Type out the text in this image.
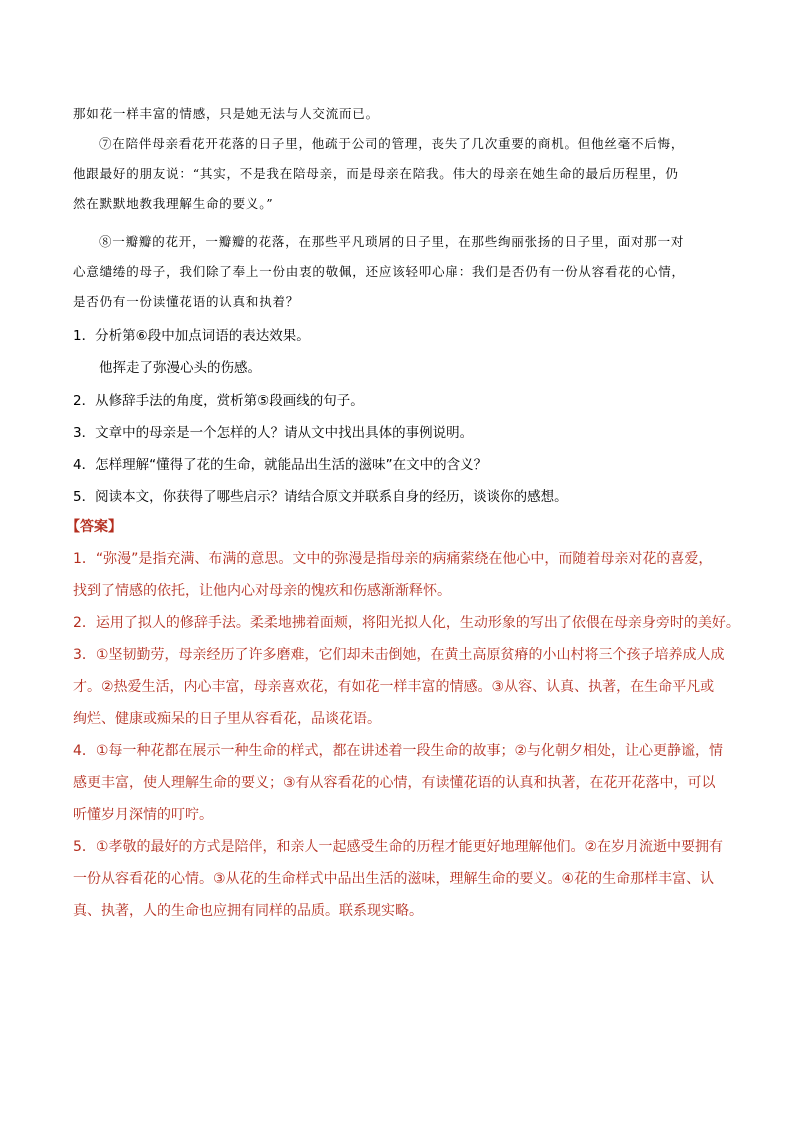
那如花一样丰富的情感，只是她无法与人交流而已。

⑦在陪伴母亲看花开花落的日子里，他疏于公司的管理，丧失了几次重要的商机。但他丝毫不后悔，

他跟最好的朋友说：“其实，不是我在陪母亲，而是母亲在陪我。伟大的母亲在她生命的最后历程里，仍

然在默默地教我理解生命的要义。”

⑧一瓣瓣的花开，一瓣瓣的花落，在那些平凡琐屑的日子里，在那些绚丽张扬的日子里，面对那一对

心意缱绻的母子，我们除了奉上一份由衷的敬佩，还应该轻叩心扉：我们是否仍有一份从容看花的心情，

是否仍有一份读懂花语的认真和执着？

1．分析第⑥段中加点词语的表达效果。

他挥走了弥漫心头的伤感。

2．从修辞手法的角度，赏析第⑤段画线的句子。

3．文章中的母亲是一个怎样的人？请从文中找出具体的事例说明。

4．怎样理解“懂得了花的生命，就能品出生活的滋味”在文中的含义？

5．阅读本文，你获得了哪些启示？请结合原文并联系自身的经历，谈谈你的感想。

【答案】

1．“弥漫”是指充满、布满的意思。文中的弥漫是指母亲的病痛萦绕在他心中，而随着母亲对花的喜爱，

找到了情感的依托，让他内心对母亲的愧疚和伤感渐渐释怀。

2．运用了拟人的修辞手法。柔柔地拂着面颊，将阳光拟人化，生动形象的写出了依偎在母亲身旁时的美好。

3．①坚韧勤劳，母亲经历了许多磨难，它们却未击倒她，在黄土高原贫瘠的小山村将三个孩子培养成人成

才。②热爱生活，内心丰富，母亲喜欢花，有如花一样丰富的情感。③从容、认真、执著，在生命平凡或

绚烂、健康或痴呆的日子里从容看花，品谈花语。

4．①每一种花都在展示一种生命的样式，都在讲述着一段生命的故事；②与化朝夕相处，让心更静谧，情

感更丰富，使人理解生命的要义；③有从容看花的心情，有读懂花语的认真和执著，在花开花落中，可以

听懂岁月深情的叮咛。

5．①孝敬的最好的方式是陪伴，和亲人一起感受生命的历程才能更好地理解他们。②在岁月流逝中要拥有

一份从容看花的心情。③从花的生命样式中品出生活的滋味，理解生命的要义。④花的生命那样丰富、认

真、执著，人的生命也应拥有同样的品质。联系现实略。
